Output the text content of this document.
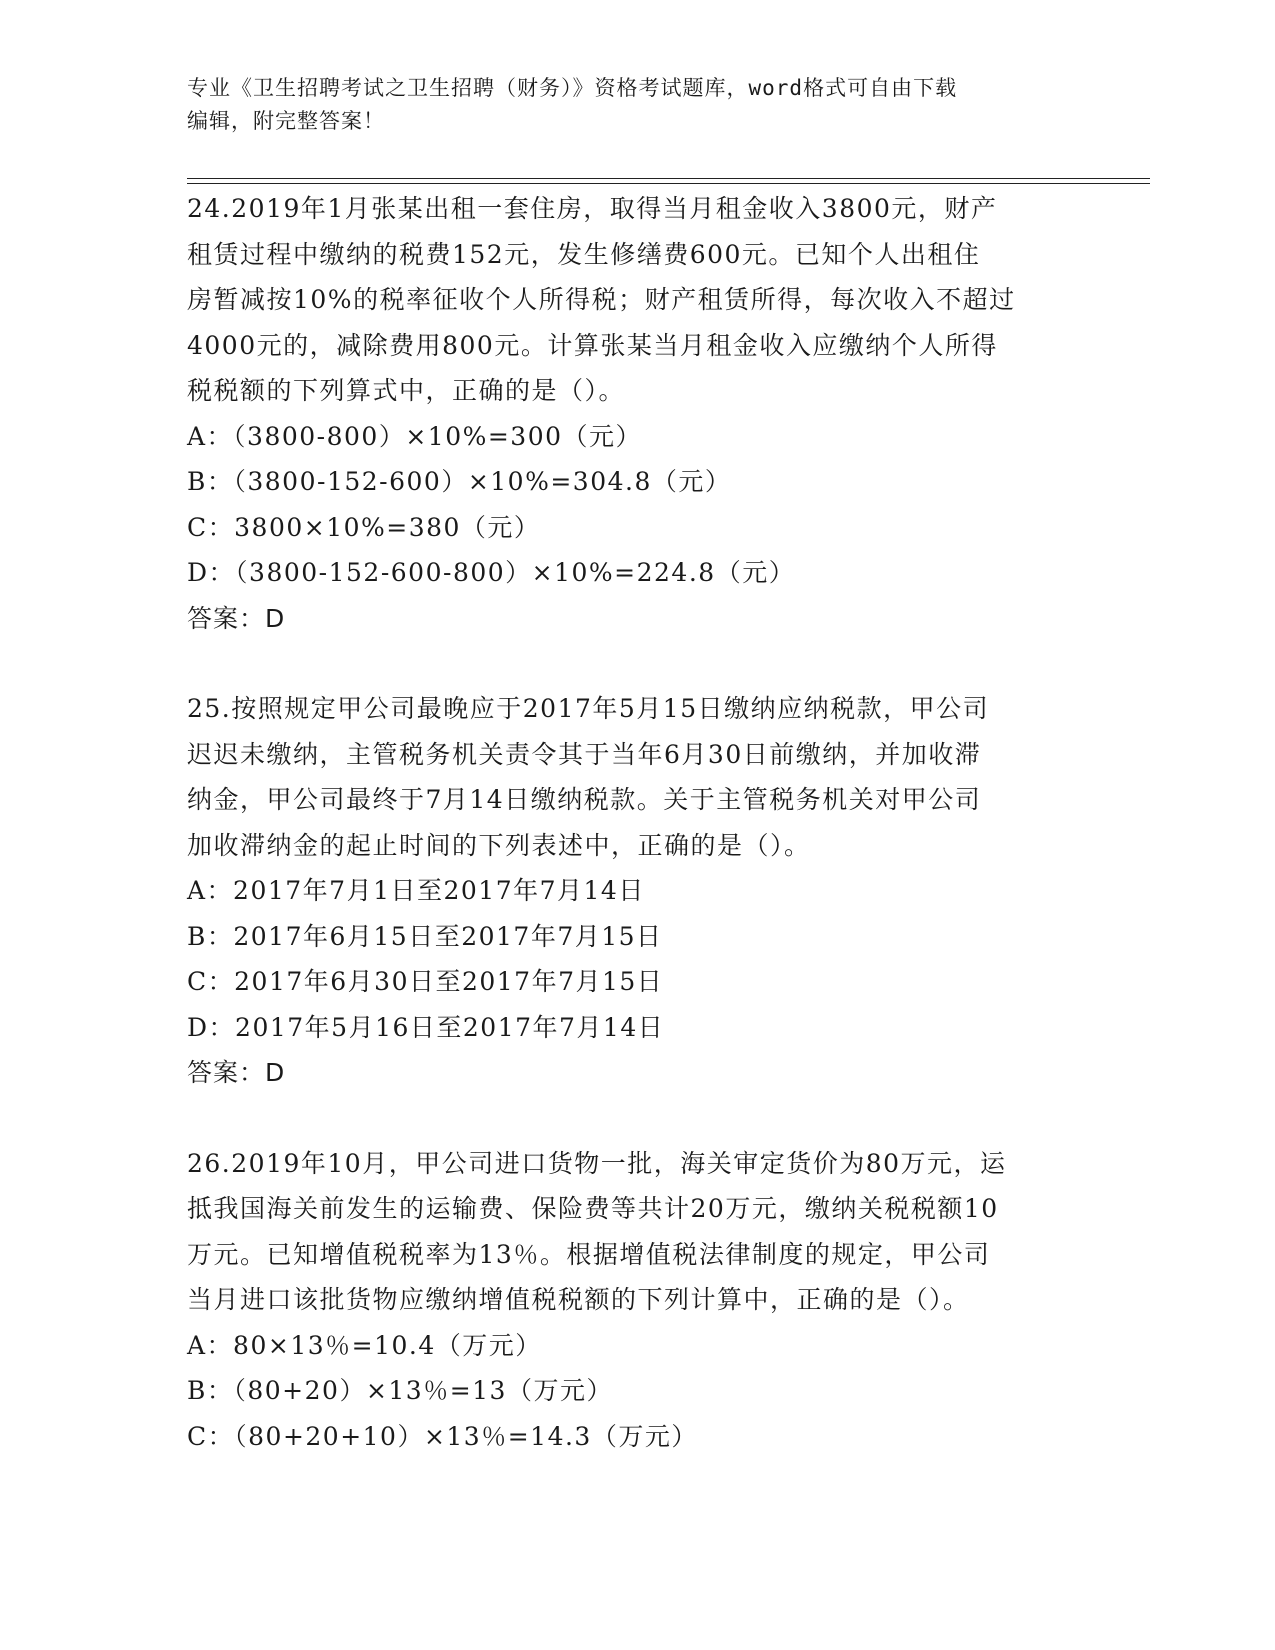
专业《卫生招聘考试之卫生招聘（财务）》资格考试题库，word格式可自由下载
编辑，附完整答案！
24.2019年1月张某出租一套住房，取得当月租金收入3800元，财产
租赁过程中缴纳的税费152元，发生修缮费600元。已知个人出租住
房暂减按10%的税率征收个人所得税；财产租赁所得，每次收入不超过
4000元的，减除费用800元。计算张某当月租金收入应缴纳个人所得
税税额的下列算式中，正确的是（）。
A：（3800-800）×10%=300（元）
B：（3800-152-600）×10%=304.8（元）
C：3800×10%=380（元）
D：（3800-152-600-800）×10%=224.8（元）
答案：D
25.按照规定甲公司最晚应于2017年5月15日缴纳应纳税款，甲公司
迟迟未缴纳，主管税务机关责令其于当年6月30日前缴纳，并加收滞
纳金，甲公司最终于7月14日缴纳税款。关于主管税务机关对甲公司
加收滞纳金的起止时间的下列表述中，正确的是（）。
A：2017年7月1日至2017年7月14日
B：2017年6月15日至2017年7月15日
C：2017年6月30日至2017年7月15日
D：2017年5月16日至2017年7月14日
答案：D
26.2019年10月，甲公司进口货物一批，海关审定货价为80万元，运
抵我国海关前发生的运输费、保险费等共计20万元，缴纳关税税额10
万元。已知增值税税率为13％。根据增值税法律制度的规定，甲公司
当月进口该批货物应缴纳增值税税额的下列计算中，正确的是（）。
A：80×13％=10.4（万元）
B：（80+20）×13％=13（万元）
C：（80+20+10）×13％=14.3（万元）
